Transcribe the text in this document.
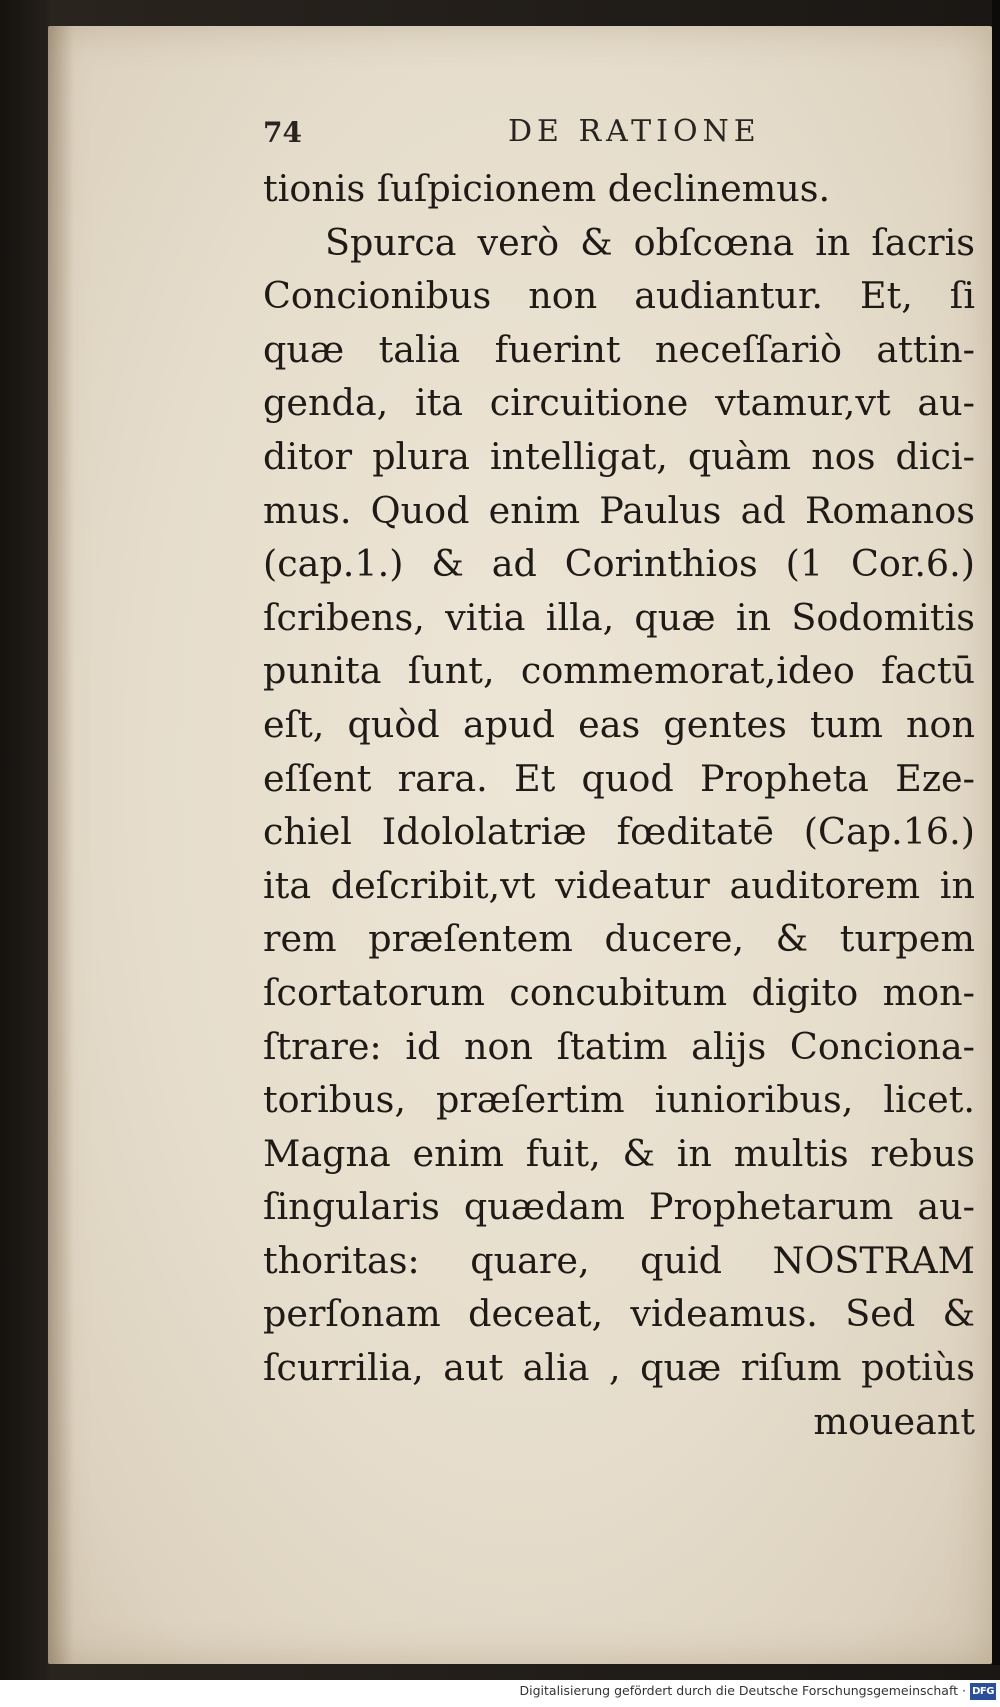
74	DE RATIONE
tionis ſuſpicionem declinemus.
Spurca verò & obſcœna in ſacris
Concionibus non audiantur. Et, ſi
quæ talia fuerint neceſſariò attin-
genda, ita circuitione vtamur,vt au-
ditor plura intelligat, quàm nos dici-
mus. Quod enim Paulus ad Romanos
(cap.1.) & ad Corinthios (1 Cor.6.)
ſcribens, vitia illa, quæ in Sodomitis
punita ſunt, commemorat,ideo factū
eſt, quòd apud eas gentes tum non
eſſent rara. Et quod Propheta Eze-
chiel Idololatriæ fœditatē (Cap.16.)
ita deſcribit,vt videatur auditorem in
rem præſentem ducere, & turpem
ſcortatorum concubitum digito mon-
ſtrare: id non ſtatim alijs Conciona-
toribus, præſertim iunioribus, licet.
Magna enim fuit, & in multis rebus
ſingularis quædam Prophetarum au-
thoritas: quare, quid NOSTRAM
perſonam deceat, videamus. Sed &
ſcurrilia, aut alia , quæ riſum potiùs
moueant
Digitalisierung gefördert durch die Deutsche Forschungsgemeinschaft · DFG
